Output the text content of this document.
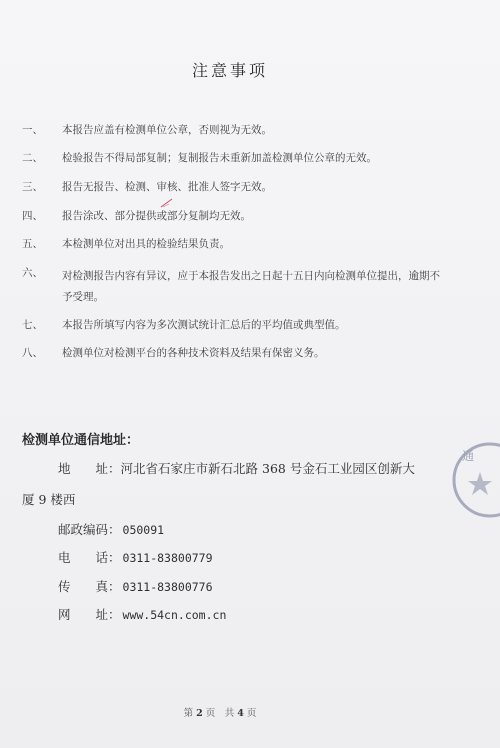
注意事项
一、	本报告应盖有检测单位公章，否则视为无效。
二、	检验报告不得局部复制；复制报告未重新加盖检测单位公章的无效。
三、	报告无报告、检测、审核、批准人签字无效。
四、	报告涂改、部分提供或部分复制均无效。
五、	本检测单位对出具的检验结果负责。
六、	对检测报告内容有异议，应于本报告发出之日起十五日内向检测单位提出，逾期不予受理。
七、	本报告所填写内容为多次测试统计汇总后的平均值或典型值。
八、	检测单位对检测平台的各种技术资料及结果有保密义务。
检测单位通信地址：
地　　址：河北省石家庄市新石北路 368 号金石工业园区创新大
厦 9 楼西
邮政编码： 050091
电　　话： 0311-83800779
传　　真： 0311-83800776
网　　址： www.54cn.com.cn
通
第 2 页　共 4 页
